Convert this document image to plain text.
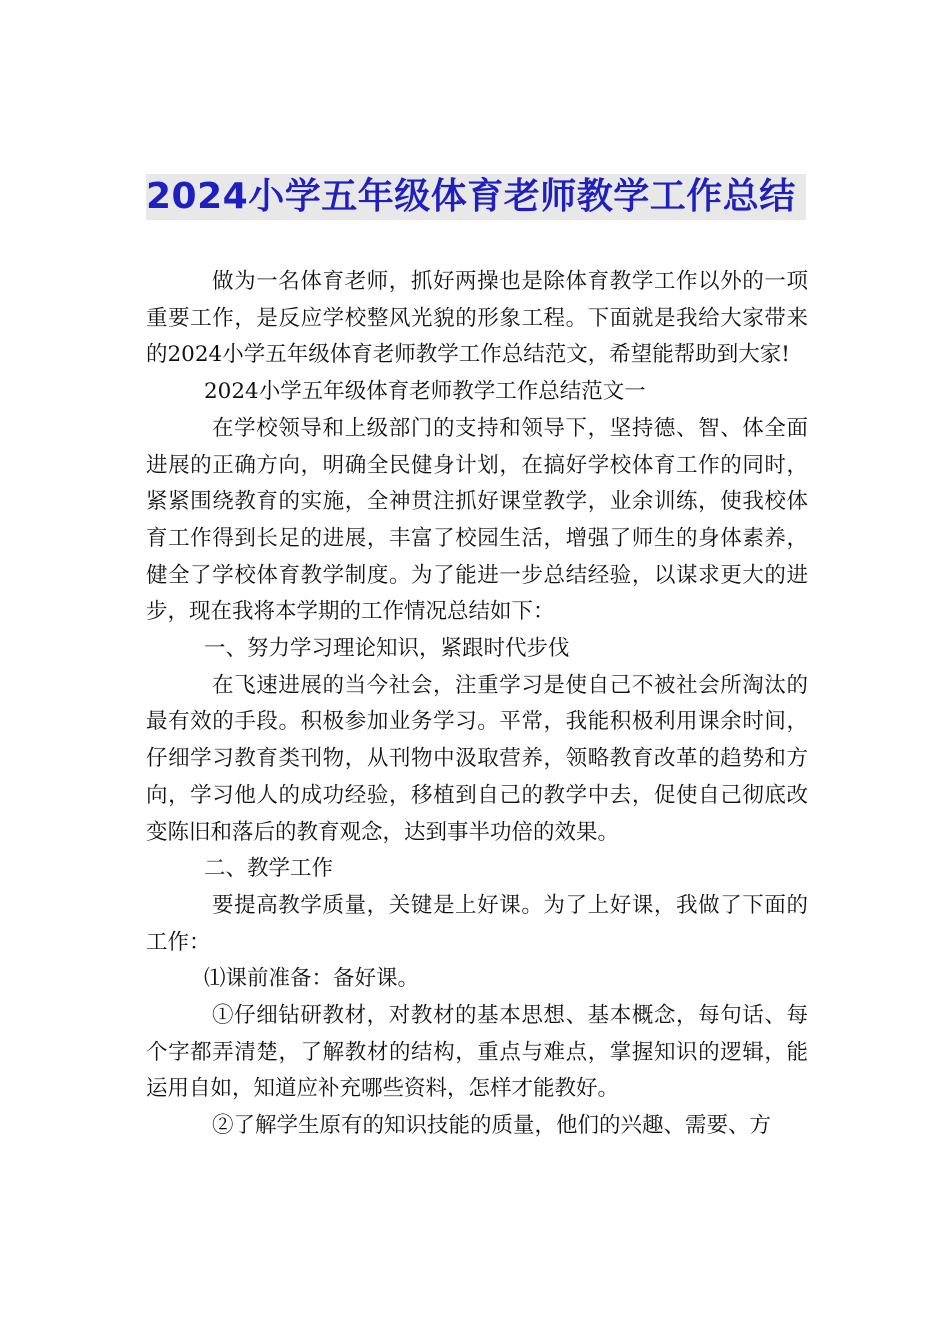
2024小学五年级体育老师教学工作总结

做为一名体育老师，抓好两操也是除体育教学工作以外的一项重要工作，是反应学校整风光貌的形象工程。下面就是我给大家带来的2024小学五年级体育老师教学工作总结范文，希望能帮助到大家!

2024小学五年级体育老师教学工作总结范文一

在学校领导和上级部门的支持和领导下，坚持德、智、体全面进展的正确方向，明确全民健身计划，在搞好学校体育工作的同时，紧紧围绕教育的实施，全神贯注抓好课堂教学，业余训练，使我校体育工作得到长足的进展，丰富了校园生活，增强了师生的身体素养，健全了学校体育教学制度。为了能进一步总结经验，以谋求更大的进步，现在我将本学期的工作情况总结如下：

一、努力学习理论知识，紧跟时代步伐

在飞速进展的当今社会，注重学习是使自己不被社会所淘汰的最有效的手段。积极参加业务学习。平常，我能积极利用课余时间，仔细学习教育类刊物，从刊物中汲取营养，领略教育改革的趋势和方向，学习他人的成功经验，移植到自己的教学中去，促使自己彻底改变陈旧和落后的教育观念，达到事半功倍的效果。

二、教学工作

要提高教学质量，关键是上好课。为了上好课，我做了下面的工作：

⑴课前准备：备好课。

①仔细钻研教材，对教材的基本思想、基本概念，每句话、每个字都弄清楚，了解教材的结构，重点与难点，掌握知识的逻辑，能运用自如，知道应补充哪些资料，怎样才能教好。

②了解学生原有的知识技能的质量，他们的兴趣、需要、方
